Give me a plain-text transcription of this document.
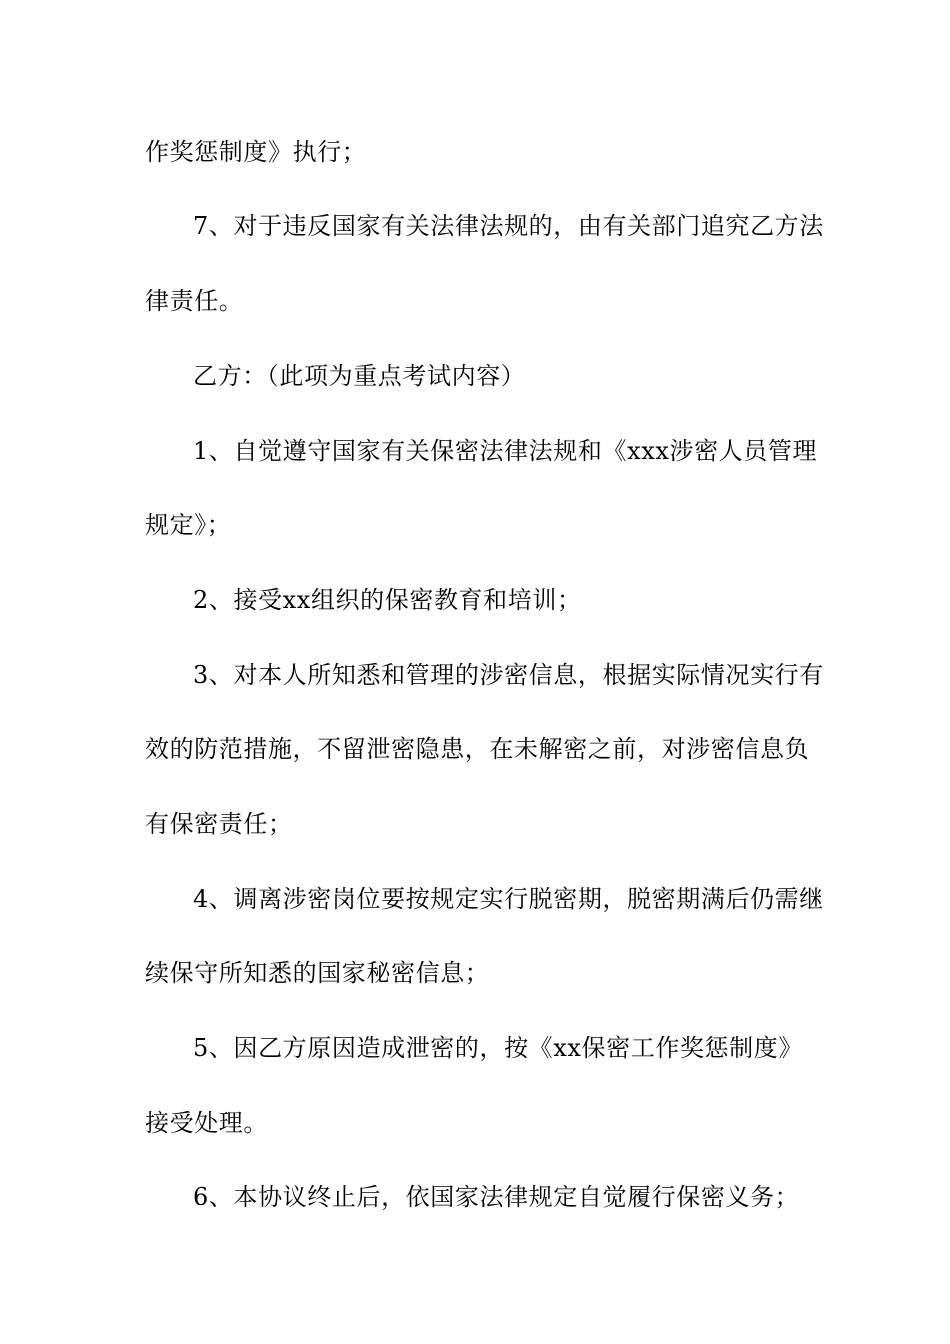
作奖惩制度》执行；
7、对于违反国家有关法律法规的，由有关部门追究乙方法
律责任。
乙方：（此项为重点考试内容）
1、自觉遵守国家有关保密法律法规和《xxx涉密人员管理
规定》；
2、接受xx组织的保密教育和培训；
3、对本人所知悉和管理的涉密信息，根据实际情况实行有
效的防范措施，不留泄密隐患，在未解密之前，对涉密信息负
有保密责任；
4、调离涉密岗位要按规定实行脱密期，脱密期满后仍需继
续保守所知悉的国家秘密信息；
5、因乙方原因造成泄密的，按《xx保密工作奖惩制度》
接受处理。
6、本协议终止后，依国家法律规定自觉履行保密义务；
